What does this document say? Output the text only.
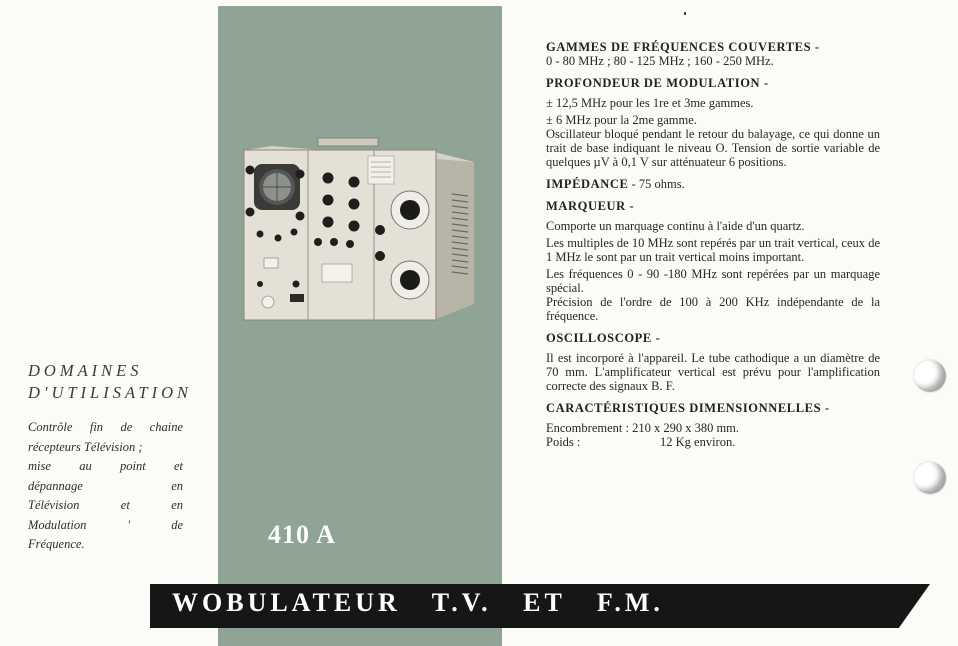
410 A
DOMAINES
D'UTILISATION
Contrôle fin de chaine
récepteurs Télévision ;
mise au point et
dépannage en
Télévision et en
Modulation ' de
Fréquence.
GAMMES DE FRÉQUENCES COUVERTES -

0 - 80 MHz ; 80 - 125 MHz ; 160 - 250 MHz.

PROFONDEUR DE MODULATION -

± 12,5 MHz pour les 1re et 3me gammes.

± 6 MHz pour la 2me gamme.

Oscillateur bloqué pendant le retour du balayage, ce qui donne un trait de base indiquant le niveau O. Tension de sortie variable de quelques µV à 0,1 V sur atténuateur 6 positions.

IMPÉDANCE - 75 ohms.
MARQUEUR -

Comporte un marquage continu à l'aide d'un quartz.

Les multiples de 10 MHz sont repérés par un trait vertical, ceux de 1 MHz le sont par un trait vertical moins important.

Les fréquences 0 - 90 -180 MHz sont repérées par un marquage spécial.

Précision de l'ordre de 100 à 200 KHz indépendante de la fréquence.

OSCILLOSCOPE -

Il est incorporé à l'appareil. Le tube cathodique a un diamètre de 70 mm. L'amplificateur vertical est prévu pour l'amplification correcte des signaux B. F.

CARACTÉRISTIQUES DIMENSIONNELLES -

Encombrement : 210 x 290 x 380 mm.

Poids :	12 Kg environ.

WOBULATEUR   T.V.   ET   F.M.
